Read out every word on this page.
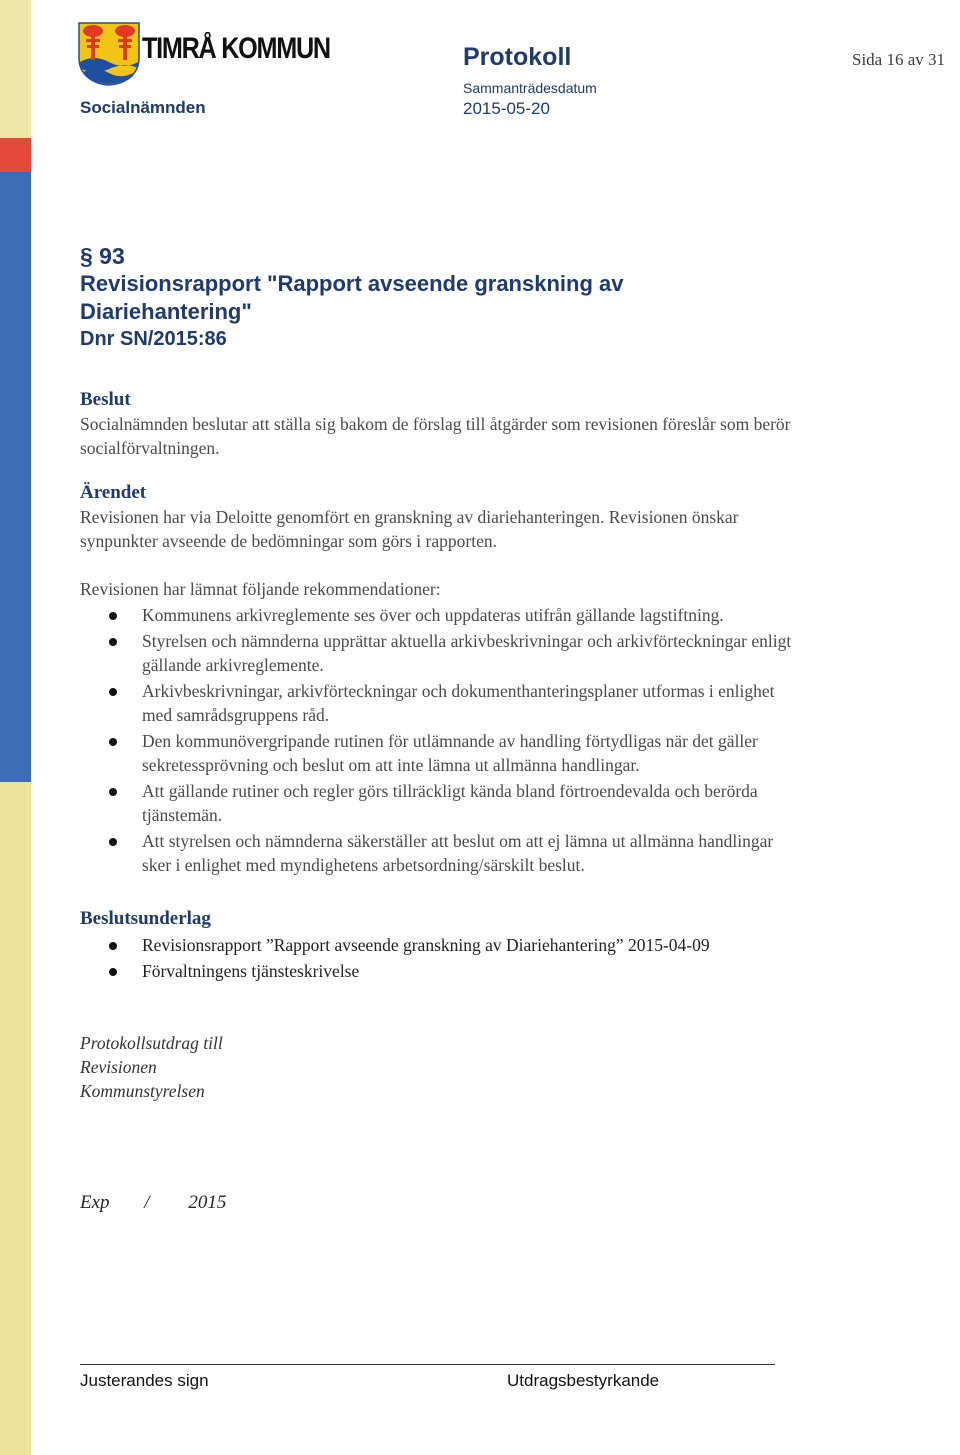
TIMRÅ KOMMUN	Protokoll	Sida 16 av 31
Socialnämnden
Sammanträdesdatum
2015-05-20

§ 93

Revisionsrapport "Rapport avseende granskning av

Diariehantering"

Dnr SN/2015:86

Beslut

Socialnämnden beslutar att ställa sig bakom de förslag till åtgärder som revisionen föreslår som berör socialförvaltningen.

Ärendet

Revisionen har via Deloitte genomfört en granskning av diariehanteringen. Revisionen önskar synpunkter avseende de bedömningar som görs i rapporten.

Revisionen har lämnat följande rekommendationer:

Kommunens arkivreglemente ses över och uppdateras utifrån gällande lagstiftning.
Styrelsen och nämnderna upprättar aktuella arkivbeskrivningar och arkivförteckningar enligt gällande arkivreglemente.
Arkivbeskrivningar, arkivförteckningar och dokumenthanteringsplaner utformas i enlighet med samrådsgruppens råd.
Den kommunövergripande rutinen för utlämnande av handling förtydligas när det gäller sekretessprövning och beslut om att inte lämna ut allmänna handlingar.
Att gällande rutiner och regler görs tillräckligt kända bland förtroendevalda och berörda tjänstemän.
Att styrelsen och nämnderna säkerställer att beslut om att ej lämna ut allmänna handlingar sker i enlighet med myndighetens arbetsordning/särskilt beslut.

Beslutsunderlag

Revisionsrapport ”Rapport avseende granskning av Diariehantering” 2015-04-09
Förvaltningens tjänsteskrivelse

Protokollsutdrag till

Revisionen

Kommunstyrelsen

Exp / 2015
Justerandes sign	Utdragsbestyrkande
